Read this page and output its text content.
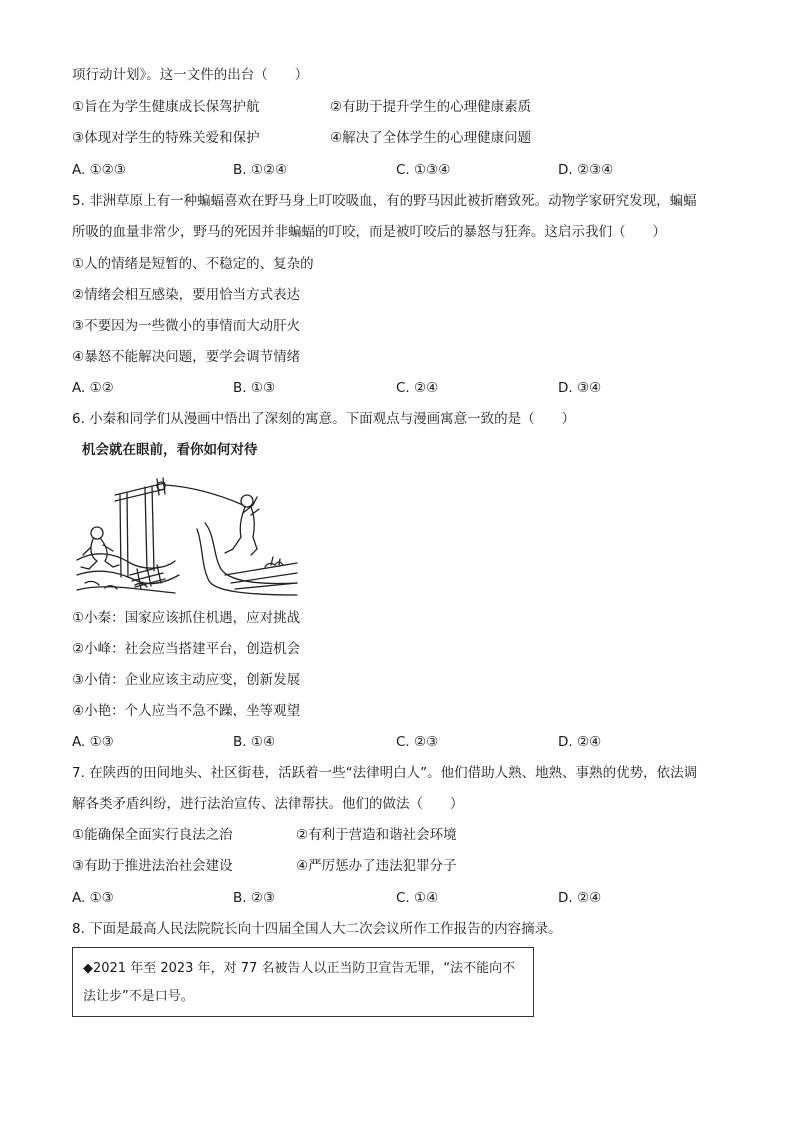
项行动计划》。这一文件的出台（　　）
①旨在为学生健康成长保驾护航	②有助于提升学生的心理健康素质
③体现对学生的特殊关爱和保护	④解决了全体学生的心理健康问题
A. ①②③	B. ①②④	C. ①③④	D. ②③④
5. 非洲草原上有一种蝙蝠喜欢在野马身上叮咬吸血，有的野马因此被折磨致死。动物学家研究发现，蝙蝠
所吸的血量非常少，野马的死因并非蝙蝠的叮咬，而是被叮咬后的暴怒与狂奔。这启示我们（　　）
①人的情绪是短暂的、不稳定的、复杂的
②情绪会相互感染，要用恰当方式表达
③不要因为一些微小的事情而大动肝火
④暴怒不能解决问题，要学会调节情绪
A. ①②	B. ①③	C. ②④	D. ③④
6. 小秦和同学们从漫画中悟出了深刻的寓意。下面观点与漫画寓意一致的是（　　）
机会就在眼前，看你如何对待
①小秦：国家应该抓住机遇，应对挑战
②小峰：社会应当搭建平台，创造机会
③小倩：企业应该主动应变，创新发展
④小艳：个人应当不急不躁，坐等观望
A. ①③	B. ①④	C. ②③	D. ②④
7. 在陕西的田间地头、社区街巷，活跃着一些“法律明白人”。他们借助人熟、地熟、事熟的优势，依法调
解各类矛盾纠纷，进行法治宣传、法律帮扶。他们的做法（　　）
①能确保全面实行良法之治	②有利于营造和谐社会环境
③有助于推进法治社会建设	④严厉惩办了违法犯罪分子
A. ①③	B. ②③	C. ①④	D. ②④
8. 下面是最高人民法院院长向十四届全国人大二次会议所作工作报告的内容摘录。
◆2021 年至 2023 年，对 77 名被告人以正当防卫宣告无罪，“法不能向不
法让步”不是口号。
